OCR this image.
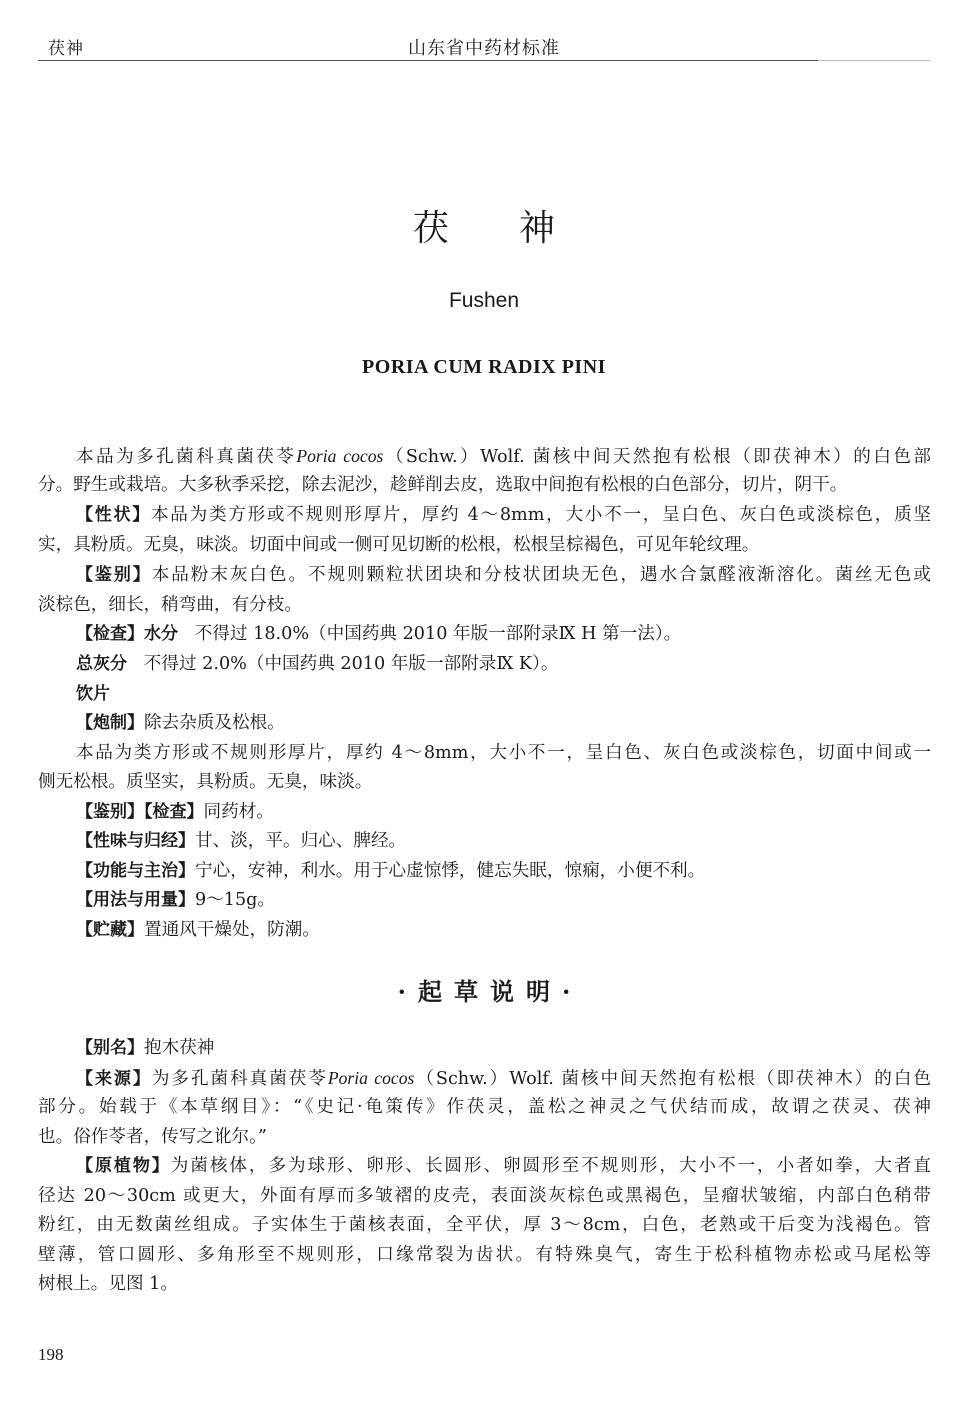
茯神	山东省中药材标准
茯神
Fushen
PORIA CUM RADIX PINI
本品为多孔菌科真菌茯苓Poria cocos（Schw.）Wolf. 菌核中间天然抱有松根（即茯神木）的白色部
分。野生或栽培。大多秋季采挖，除去泥沙，趁鲜削去皮，选取中间抱有松根的白色部分，切片，阴干。
【性状】本品为类方形或不规则形厚片，厚约 4～8mm，大小不一，呈白色、灰白色或淡棕色，质坚
实，具粉质。无臭，味淡。切面中间或一侧可见切断的松根，松根呈棕褐色，可见年轮纹理。
【鉴别】本品粉末灰白色。不规则颗粒状团块和分枝状团块无色，遇水合氯醛液渐溶化。菌丝无色或
淡棕色，细长，稍弯曲，有分枝。
【检查】水分 不得过 18.0%（中国药典 2010 年版一部附录Ⅸ H 第一法）。
总灰分 不得过 2.0%（中国药典 2010 年版一部附录Ⅸ K）。
饮片
【炮制】除去杂质及松根。
本品为类方形或不规则形厚片，厚约 4～8mm，大小不一，呈白色、灰白色或淡棕色，切面中间或一
侧无松根。质坚实，具粉质。无臭，味淡。
【鉴别】【检查】同药材。
【性味与归经】甘、淡，平。归心、脾经。
【功能与主治】宁心，安神，利水。用于心虚惊悸，健忘失眠，惊痫，小便不利。
【用法与用量】9～15g。
【贮藏】置通风干燥处，防潮。
【别名】抱木茯神
【来源】为多孔菌科真菌茯苓Poria cocos（Schw.）Wolf. 菌核中间天然抱有松根（即茯神木）的白色
部分。始载于《本草纲目》：“《史记·龟策传》作茯灵，盖松之神灵之气伏结而成，故谓之茯灵、茯神
也。俗作苓者，传写之讹尔。”
【原植物】为菌核体，多为球形、卵形、长圆形、卵圆形至不规则形，大小不一，小者如拳，大者直
径达 20～30cm 或更大，外面有厚而多皱褶的皮壳，表面淡灰棕色或黑褐色，呈瘤状皱缩，内部白色稍带
粉红，由无数菌丝组成。子实体生于菌核表面，全平伏，厚 3～8cm，白色，老熟或干后变为浅褐色。管
壁薄，管口圆形、多角形至不规则形，口缘常裂为齿状。有特殊臭气，寄生于松科植物赤松或马尾松等
树根上。见图 1。
·起草说明·
198
